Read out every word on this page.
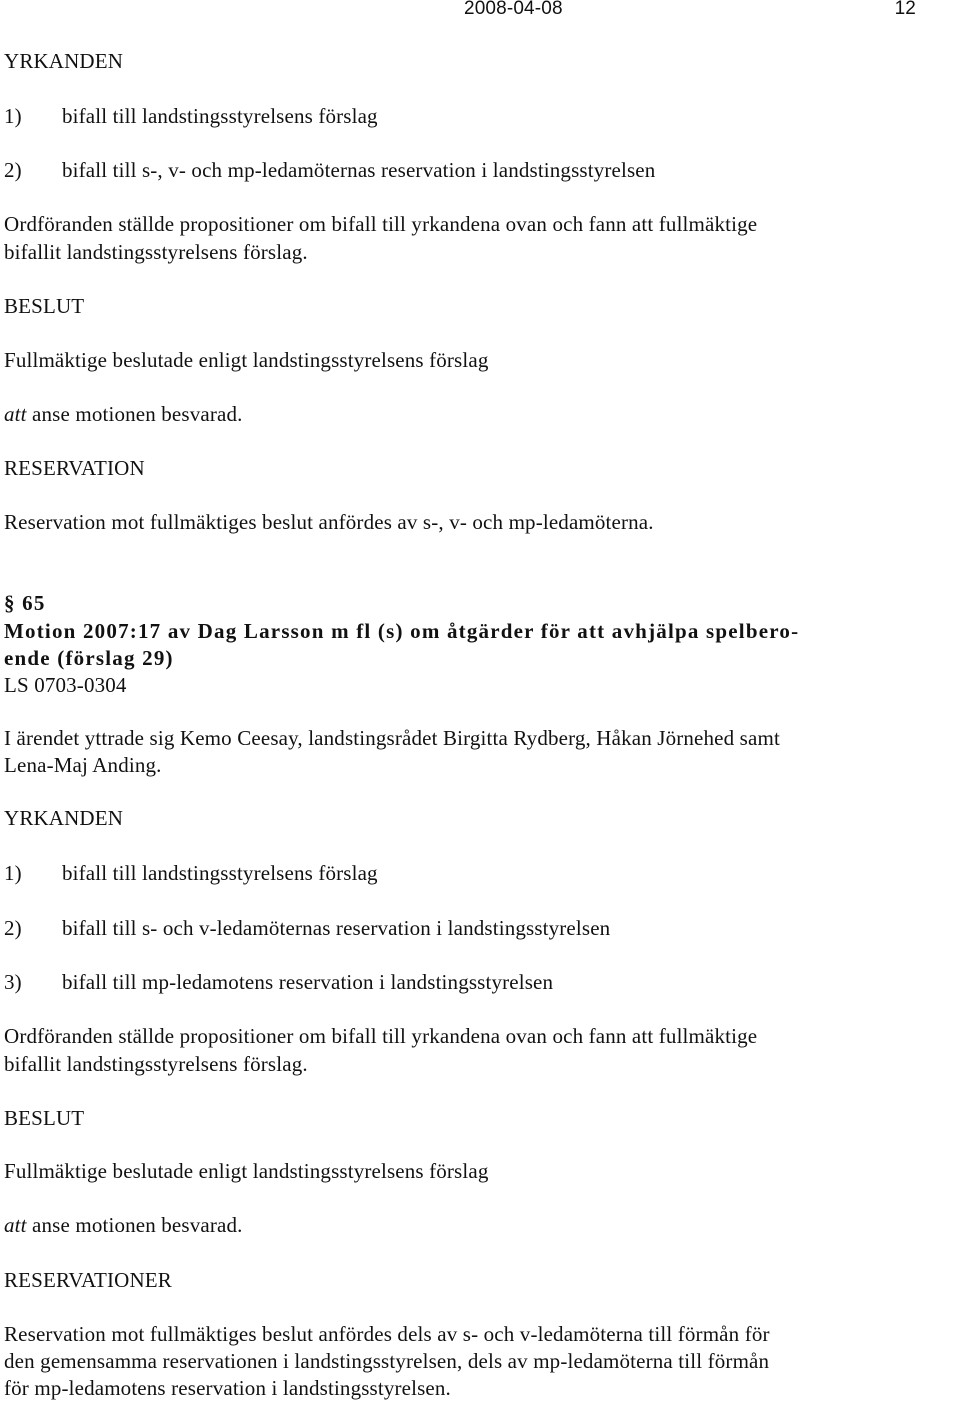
2008-04-08	12
YRKANDEN
1) bifall till landstingsstyrelsens förslag
2) bifall till s-, v- och mp-ledamöternas reservation i landstingsstyrelsen
Ordföranden ställde propositioner om bifall till yrkandena ovan och fann att fullmäktige
bifallit landstingsstyrelsens förslag.
BESLUT
Fullmäktige beslutade enligt landstingsstyrelsens förslag
att anse motionen besvarad.
RESERVATION
Reservation mot fullmäktiges beslut anfördes av s-, v- och mp-ledamöterna.
§ 65
Motion 2007:17 av Dag Larsson m fl (s) om åtgärder för att avhjälpa spelbero-
ende (förslag 29)
LS 0703-0304
I ärendet yttrade sig Kemo Ceesay, landstingsrådet Birgitta Rydberg, Håkan Jörnehed samt
Lena-Maj Anding.
YRKANDEN
1) bifall till landstingsstyrelsens förslag
2) bifall till s- och v-ledamöternas reservation i landstingsstyrelsen
3) bifall till mp-ledamotens reservation i landstingsstyrelsen
Ordföranden ställde propositioner om bifall till yrkandena ovan och fann att fullmäktige
bifallit landstingsstyrelsens förslag.
BESLUT
Fullmäktige beslutade enligt landstingsstyrelsens förslag
att anse motionen besvarad.
RESERVATIONER
Reservation mot fullmäktiges beslut anfördes dels av s- och v-ledamöterna till förmån för
den gemensamma reservationen i landstingsstyrelsen, dels av mp-ledamöterna till förmån
för mp-ledamotens reservation i landstingsstyrelsen.
